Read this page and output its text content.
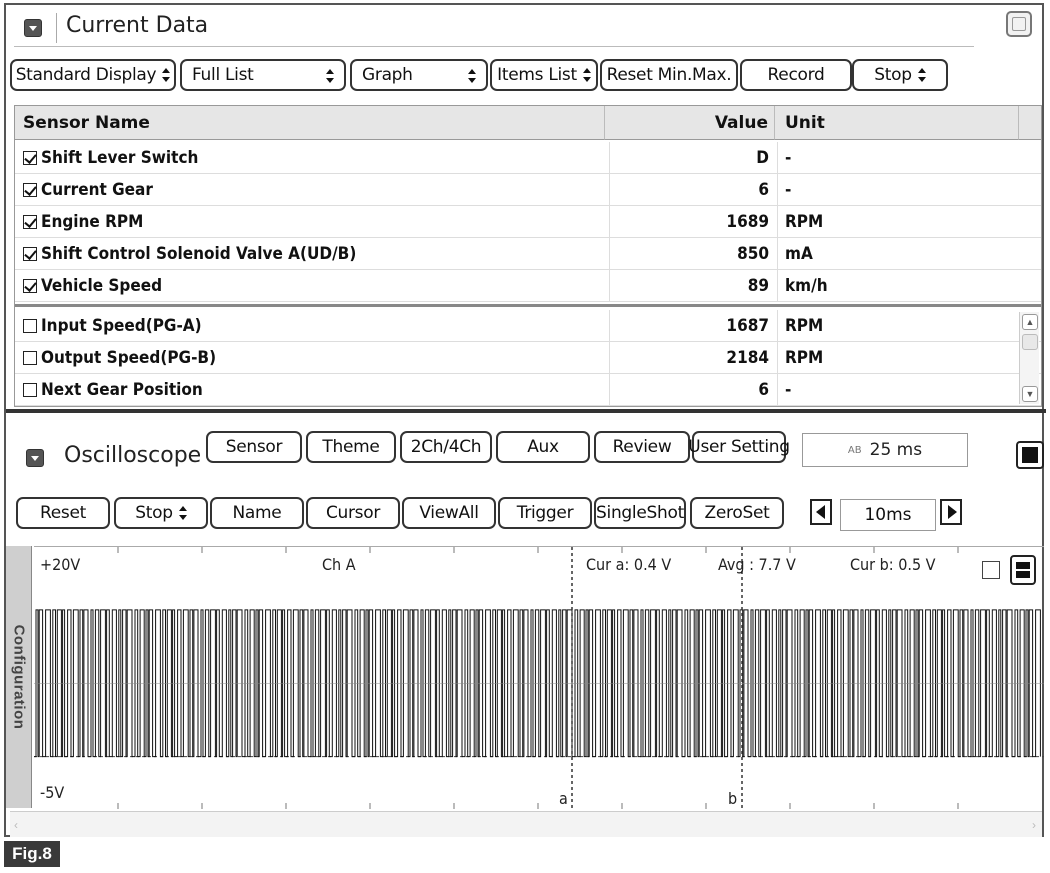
Current Data
Standard Display Full List	Graph	Items List Reset Min.Max. Record	Stop
Sensor Name	Value	Unit
Shift Lever Switch	D -
Current Gear	6 -
Engine RPM	1689 RPM
Shift Control Solenoid Valve A(UD/B)	850 mA
Vehicle Speed	89 km/h
Input Speed(PG-A)	1687 RPM
Output Speed(PG-B)	2184 RPM
Next Gear Position	6 -
▲
▼
Oscilloscope Sensor Theme 2Ch/4Ch	Aux	Review User Setting	AB 25 ms
Reset	Stop	Name	Cursor ViewAll Trigger SingleShot ZeroSet	10ms
Configuration
+20V	Ch A	Cur a: 0.4 V	Avg : 7.7 V	Cur b: 0.5 V
-5V	a	b
‹	›
Fig.8
